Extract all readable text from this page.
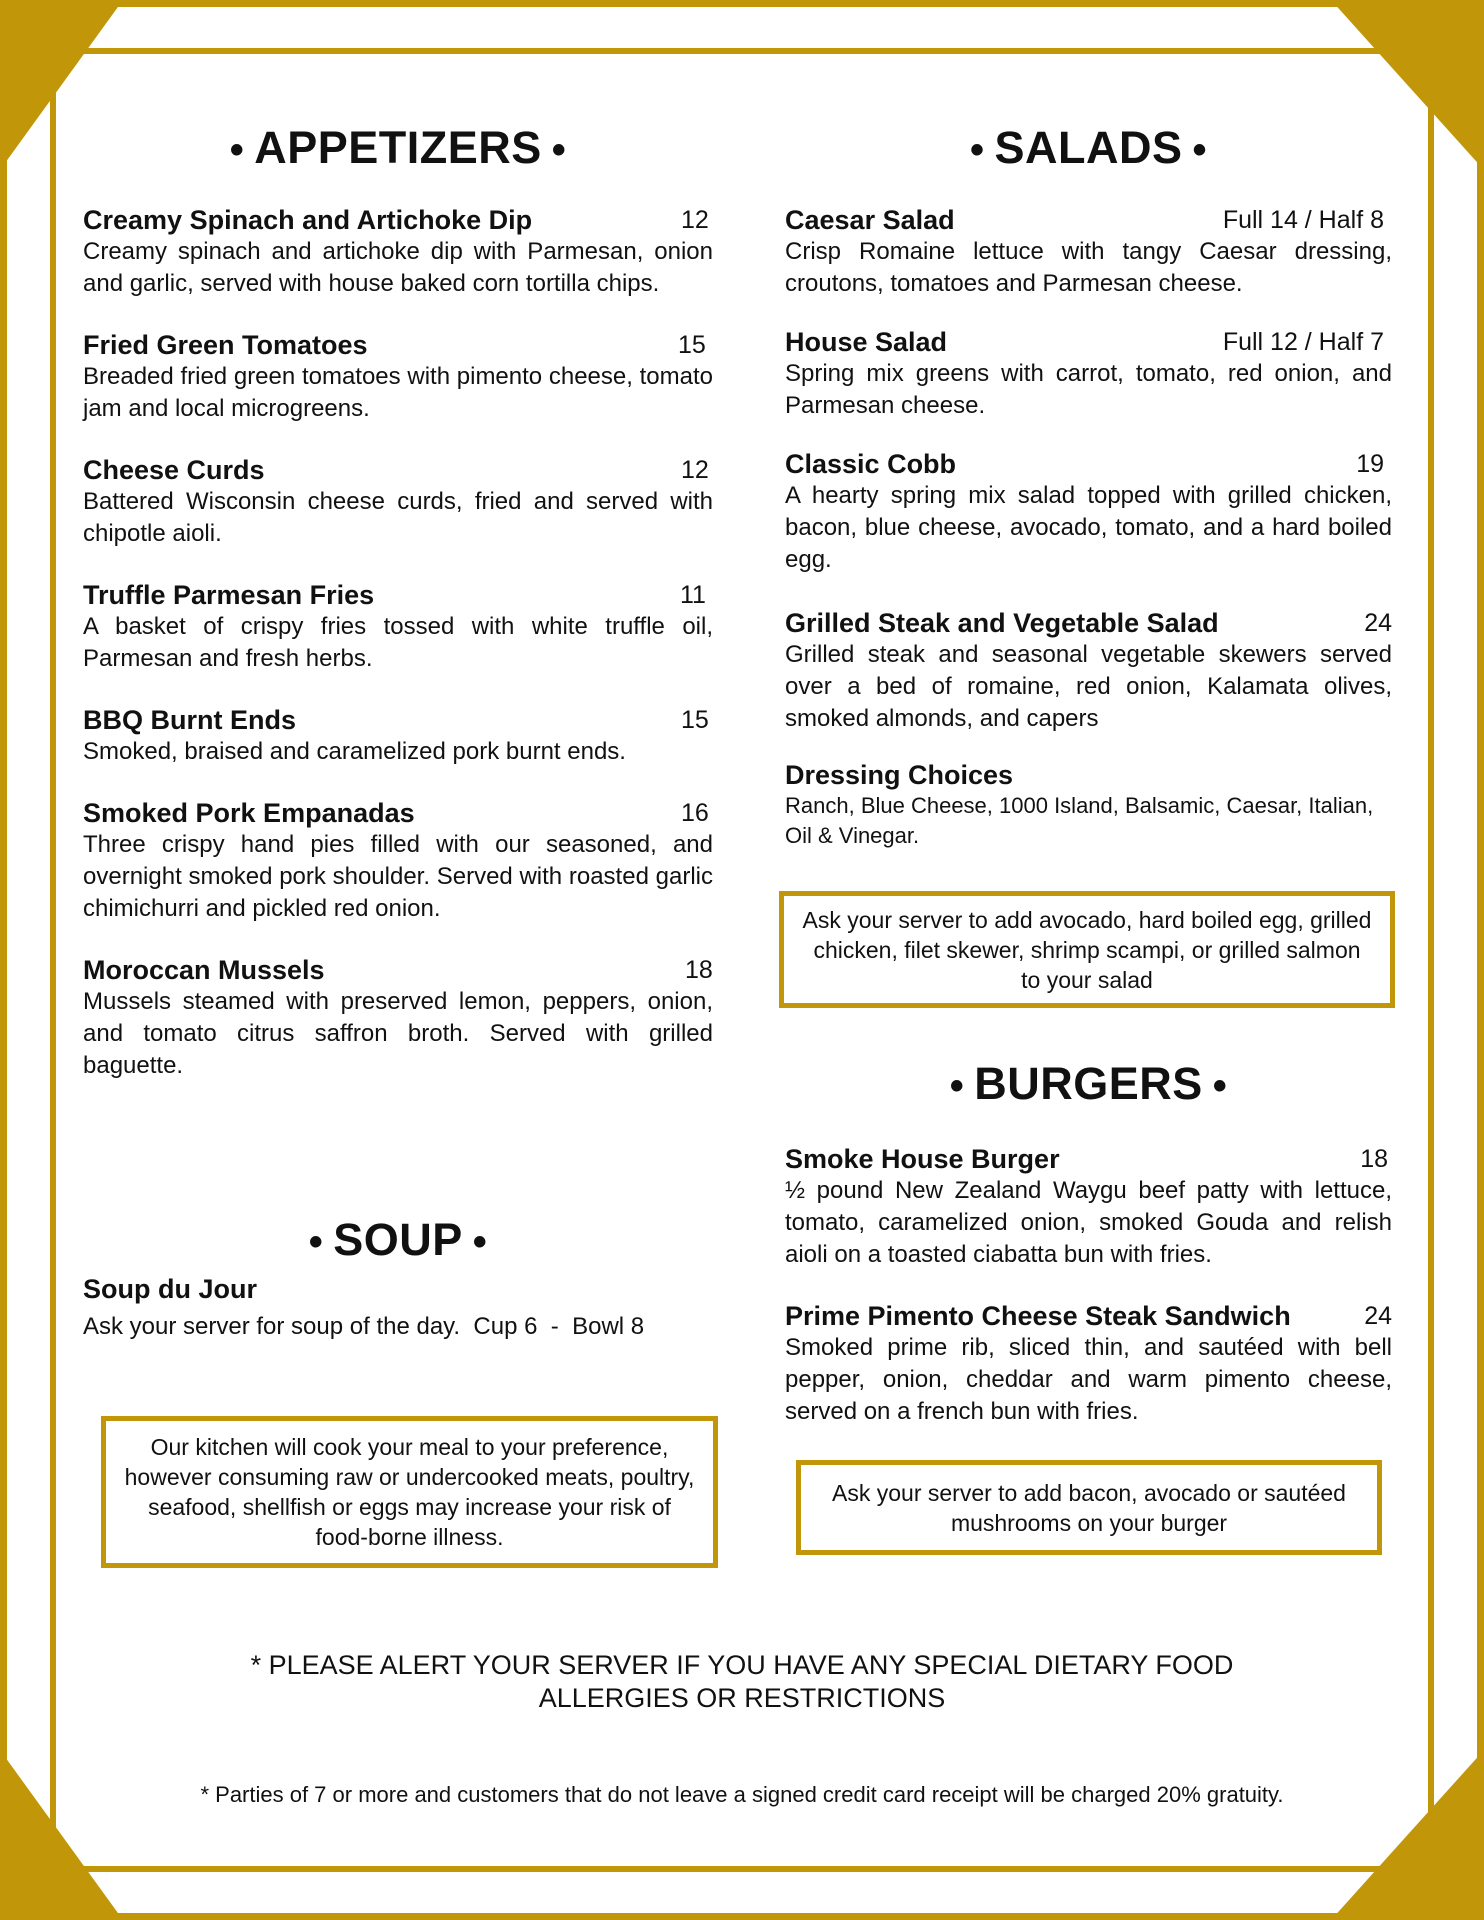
• APPETIZERS •
Creamy Spinach and Artichoke Dip	12
Creamy spinach and artichoke dip with Parmesan, onion and garlic, served with house baked corn tortilla chips.
Fried Green Tomatoes	15
Breaded fried green tomatoes with pimento cheese, tomato jam and local microgreens.
Cheese Curds	12
Battered Wisconsin cheese curds, fried and served with chipotle aioli.
Truffle Parmesan Fries	11
A basket of crispy fries tossed with white truffle oil, Parmesan and fresh herbs.
BBQ Burnt Ends	15
Smoked, braised and caramelized pork burnt ends.
Smoked Pork Empanadas	16
Three crispy hand pies filled with our seasoned, and overnight smoked pork shoulder. Served with roasted garlic chimichurri and pickled red onion.
Moroccan Mussels	18
Mussels steamed with preserved lemon, peppers, onion, and tomato citrus saffron broth. Served with grilled baguette.
• SOUP •
Soup du Jour
Ask your server for soup of the day.  Cup 6  -  Bowl 8
Our kitchen will cook your meal to your preference, however consuming raw or undercooked meats, poultry, seafood, shellfish or eggs may increase your risk of food-borne illness.
• SALADS •
Caesar Salad	Full 14 / Half 8
Crisp Romaine lettuce with tangy Caesar dressing, croutons, tomatoes and Parmesan cheese.
House Salad	Full 12 / Half 7
Spring mix greens with carrot, tomato, red onion, and Parmesan cheese.
Classic Cobb	19
A hearty spring mix salad topped with grilled chicken, bacon, blue cheese, avocado, tomato, and a hard boiled egg.
Grilled Steak and Vegetable Salad	24
Grilled steak and seasonal vegetable skewers served over a bed of romaine, red onion, Kalamata olives, smoked almonds, and capers
Dressing Choices
Ranch, Blue Cheese, 1000 Island, Balsamic, Caesar, Italian, Oil & Vinegar.
Ask your server to add avocado, hard boiled egg, grilled chicken, filet skewer, shrimp scampi, or grilled salmon to your salad
• BURGERS •
Smoke House Burger	18
½ pound New Zealand Waygu beef patty with lettuce, tomato, caramelized onion, smoked Gouda and relish aioli on a toasted ciabatta bun with fries.
Prime Pimento Cheese Steak Sandwich	24
Smoked prime rib, sliced thin, and sautéed with bell pepper, onion, cheddar and warm pimento cheese, served on a french bun with fries.
Ask your server to add bacon, avocado or sautéed mushrooms on your burger
* PLEASE ALERT YOUR SERVER IF YOU HAVE ANY SPECIAL DIETARY FOOD ALLERGIES OR RESTRICTIONS
* Parties of 7 or more and customers that do not leave a signed credit card receipt will be charged 20% gratuity.
